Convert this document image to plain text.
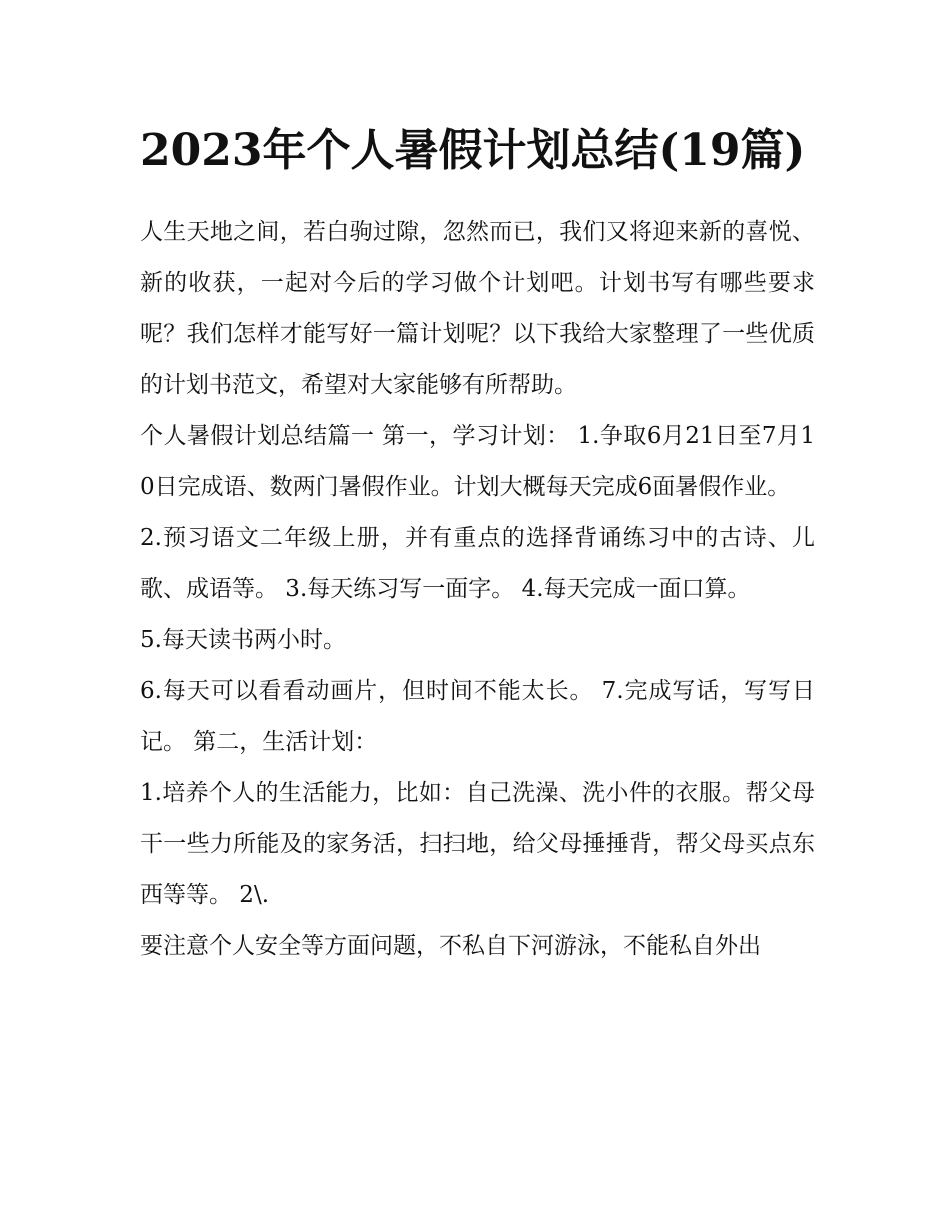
2023年个人暑假计划总结(19篇)

人生天地之间，若白驹过隙，忽然而已，我们又将迎来新的喜悦、新的收获，一起对今后的学习做个计划吧。计划书写有哪些要求呢？我们怎样才能写好一篇计划呢？以下我给大家整理了一些优质的计划书范文，希望对大家能够有所帮助。

个人暑假计划总结篇一 第一，学习计划： 1.争取6月21日至7月10日完成语、数两门暑假作业。计划大概每天完成6面暑假作业。

2.预习语文二年级上册，并有重点的选择背诵练习中的古诗、儿歌、成语等。 3.每天练习写一面字。 4.每天完成一面口算。

5.每天读书两小时。

6.每天可以看看动画片，但时间不能太长。 7.完成写话，写写日记。 第二，生活计划：

1.培养个人的生活能力，比如：自己洗澡、洗小件的衣服。帮父母干一些力所能及的家务活，扫扫地，给父母捶捶背，帮父母买点东西等等。 2\.

要注意个人安全等方面问题，不私自下河游泳，不能私自外出
